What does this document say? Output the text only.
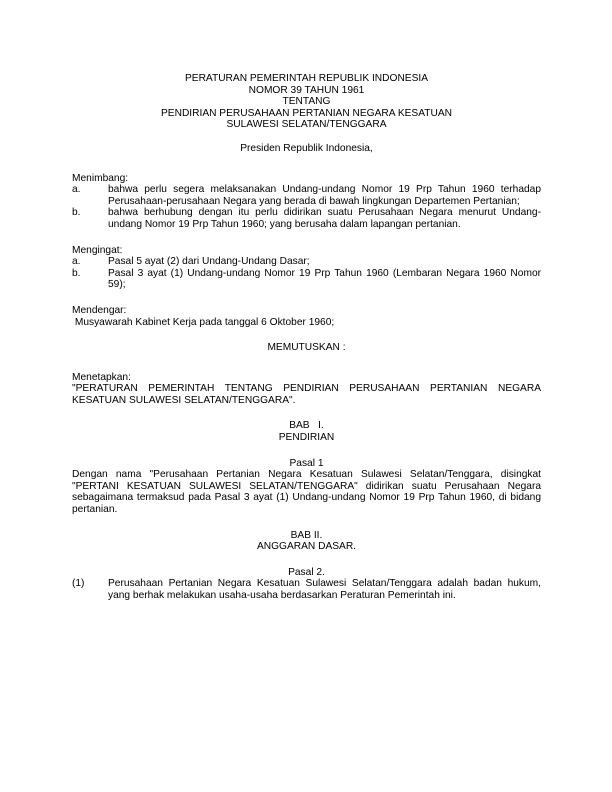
PERATURAN PEMERINTAH REPUBLIK INDONESIA

NOMOR 39 TAHUN 1961

TENTANG

PENDIRIAN PERUSAHAAN PERTANIAN NEGARA KESATUAN

SULAWESI SELATAN/TENGGARA

Presiden Republik Indonesia,

Menimbang:

a.	bahwa perlu segera melaksanakan Undang-undang Nomor 19 Prp Tahun 1960 terhadap Perusahaan-perusahaan Negara yang berada di bawah lingkungan Departemen Pertanian;
b.	bahwa berhubung dengan itu perlu didirikan suatu Perusahaan Negara menurut Undang-undang Nomor 19 Prp Tahun 1960; yang berusaha dalam lapangan pertanian.

Mengingat:

a.	Pasal 5 ayat (2) dari Undang-Undang Dasar;
b.	Pasal 3 ayat (1) Undang-undang Nomor 19 Prp Tahun 1960 (Lembaran Negara 1960 Nomor 59);

Mendengar:

Musyawarah Kabinet Kerja pada tanggal 6 Oktober 1960;

MEMUTUSKAN :

Menetapkan:

"PERATURAN PEMERINTAH TENTANG PENDIRIAN PERUSAHAAN PERTANIAN NEGARA KESATUAN SULAWESI SELATAN/TENGGARA".

BAB   I.

PENDIRIAN

Pasal 1

Dengan nama "Perusahaan Pertanian Negara Kesatuan Sulawesi Selatan/Tenggara, disingkat "PERTANI KESATUAN SULAWESI SELATAN/TENGGARA" didirikan suatu Perusahaan Negara sebagaimana termaksud pada Pasal 3 ayat (1) Undang-undang Nomor 19 Prp Tahun 1960, di bidang pertanian.

BAB II.

ANGGARAN DASAR.

Pasal 2.

(1)	Perusahaan Pertanian Negara Kesatuan Sulawesi Selatan/Tenggara adalah badan hukum, yang berhak melakukan usaha-usaha berdasarkan Peraturan Pemerintah ini.
